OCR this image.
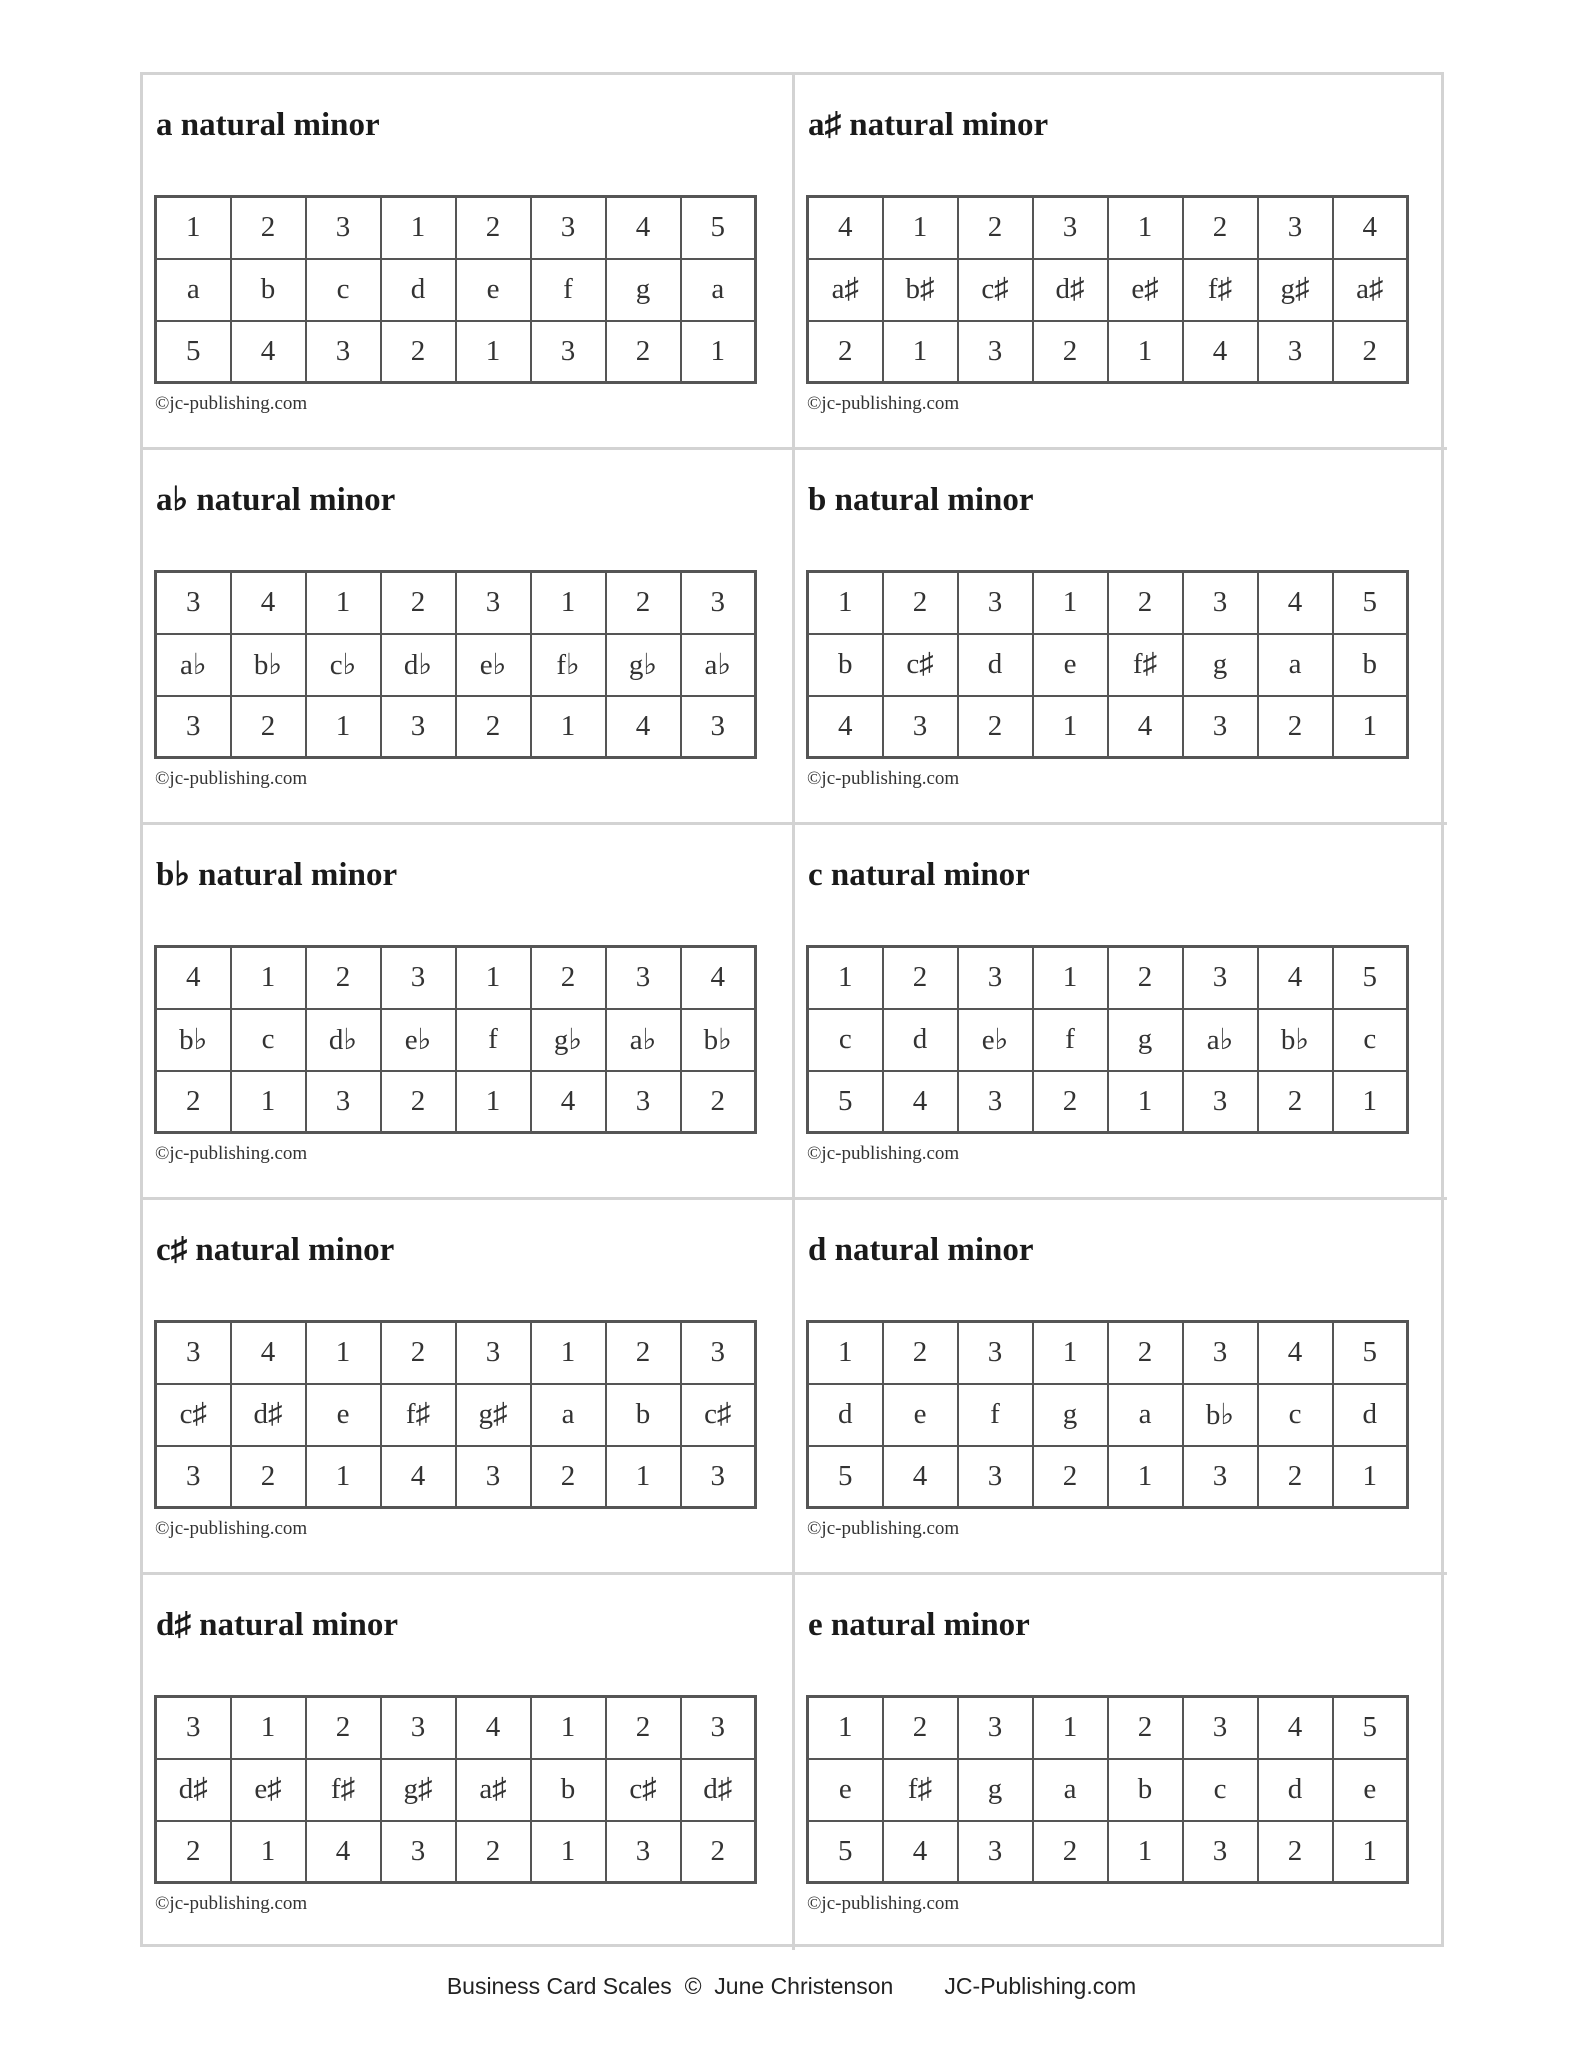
a natural minor
1	2	3	1	2	3	4	5
a	b	c	d	e	f	g	a
5	4	3	2	1	3	2	1
©jc-publishing.com
a♯ natural minor
4	1	2	3	1	2	3	4
a♯	b♯	c♯	d♯	e♯	f♯	g♯	a♯
2	1	3	2	1	4	3	2
©jc-publishing.com
a♭ natural minor
3	4	1	2	3	1	2	3
a♭	b♭	c♭	d♭	e♭	f♭	g♭	a♭
3	2	1	3	2	1	4	3
©jc-publishing.com
b natural minor
1	2	3	1	2	3	4	5
b	c♯	d	e	f♯	g	a	b
4	3	2	1	4	3	2	1
©jc-publishing.com
b♭ natural minor
4	1	2	3	1	2	3	4
b♭	c	d♭	e♭	f	g♭	a♭	b♭
2	1	3	2	1	4	3	2
©jc-publishing.com
c natural minor
1	2	3	1	2	3	4	5
c	d	e♭	f	g	a♭	b♭	c
5	4	3	2	1	3	2	1
©jc-publishing.com
c♯ natural minor
3	4	1	2	3	1	2	3
c♯	d♯	e	f♯	g♯	a	b	c♯
3	2	1	4	3	2	1	3
©jc-publishing.com
d natural minor
1	2	3	1	2	3	4	5
d	e	f	g	a	b♭	c	d
5	4	3	2	1	3	2	1
©jc-publishing.com
d♯ natural minor
3	1	2	3	4	1	2	3
d♯	e♯	f♯	g♯	a♯	b	c♯	d♯
2	1	4	3	2	1	3	2
©jc-publishing.com
e natural minor
1	2	3	1	2	3	4	5
e	f♯	g	a	b	c	d	e
5	4	3	2	1	3	2	1
©jc-publishing.com
Business Card Scales  ©  June Christenson        JC-Publishing.com
